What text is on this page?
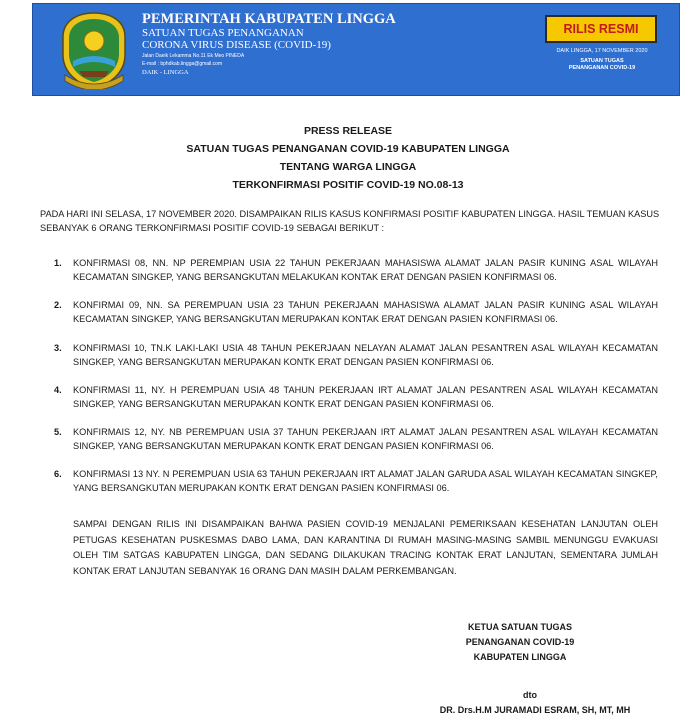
PEMERINTAH KABUPATEN LINGGA
SATUAN TUGAS PENANGANAN
CORONA VIRUS DISEASE (COVID-19)
Jalan Daeik Lekamma No.11 Ek Meo PINEDA
E-mail : bphdkab.lingga@gmail.com
DAIK - LINGGA
RILIS RESMI
DAIK LINGGA, 17 NOVEMBER 2020
SATUAN TUGAS
PENANGANAN COVID-19
PRESS RELEASE
SATUAN TUGAS PENANGANAN COVID-19 KABUPATEN LINGGA
TENTANG WARGA LINGGA
TERKONFIRMASI POSITIF COVID-19 NO.08-13

PADA HARI INI SELASA, 17 NOVEMBER 2020. DISAMPAIKAN RILIS KASUS KONFIRMASI POSITIF KABUPATEN LINGGA. HASIL TEMUAN KASUS SEBANYAK 6 ORANG TERKONFIRMASI POSITIF COVID-19 SEBAGAI BERIKUT :

1. KONFIRMASI 08, NN. NP PEREMPIAN USIA 22 TAHUN PEKERJAAN MAHASISWA ALAMAT JALAN PASIR KUNING ASAL WILAYAH KECAMATAN SINGKEP, YANG BERSANGKUTAN MELAKUKAN KONTAK ERAT DENGAN PASIEN KONFIRMASI 06.
2. KONFIRMAI 09, NN. SA PEREMPUAN USIA 23 TAHUN PEKERJAAN MAHASISWA ALAMAT JALAN PASIR KUNING ASAL WILAYAH KECAMATAN SINGKEP, YANG BERSANGKUTAN MERUPAKAN KONTAK ERAT DENGAN PASIEN KONFIRMASI 06.
3. KONFIRMASI 10, TN.K LAKI-LAKI USIA 48 TAHUN PEKERJAAN NELAYAN ALAMAT JALAN PESANTREN ASAL WILAYAH KECAMATAN SINGKEP, YANG BERSANGKUTAN MERUPAKAN KONTK ERAT DENGAN PASIEN KONFIRMASI 06.
4. KONFIRMASI 11, NY. H PEREMPUAN USIA 48 TAHUN PEKERJAAN IRT ALAMAT JALAN PESANTREN ASAL WILAYAH KECAMATAN SINGKEP, YANG BERSANGKUTAN MERUPAKAN KONTK ERAT DENGAN PASIEN KONFIRMASI 06.
5. KONFIRMAIS 12, NY. NB PEREMPUAN USIA 37 TAHUN PEKERJAAN IRT ALAMAT JALAN PESANTREN ASAL WILAYAH KECAMATAN SINGKEP, YANG BERSANGKUTAN MERUPAKAN KONTK ERAT DENGAN PASIEN KONFIRMASI 06.
6. KONFIRMASI 13 NY. N PEREMPUAN USIA 63 TAHUN PEKERJAAN IRT ALAMAT JALAN GARUDA ASAL WILAYAH KECAMATAN SINGKEP, YANG BERSANGKUTAN MERUPAKAN KONTK ERAT DENGAN PASIEN KONFIRMASI 06.

SAMPAI DENGAN RILIS INI DISAMPAIKAN BAHWA PASIEN COVID-19 MENJALANI PEMERIKSAAN KESEHATAN LANJUTAN OLEH PETUGAS KESEHATAN PUSKESMAS DABO LAMA, DAN KARANTINA DI RUMAH MASING-MASING SAMBIL MENUNGGU EVAKUASI OLEH TIM SATGAS KABUPATEN LINGGA, DAN SEDANG DILAKUKAN TRACING KONTAK ERAT LANJUTAN, SEMENTARA JUMLAH KONTAK ERAT LANJUTAN SEBANYAK 16 ORANG DAN MASIH DALAM PERKEMBANGAN.

KETUA SATUAN TUGAS
PENANGANAN COVID-19
KABUPATEN LINGGA
dto
DR. Drs.H.M JURAMADI ESRAM, SH, MT, MH
